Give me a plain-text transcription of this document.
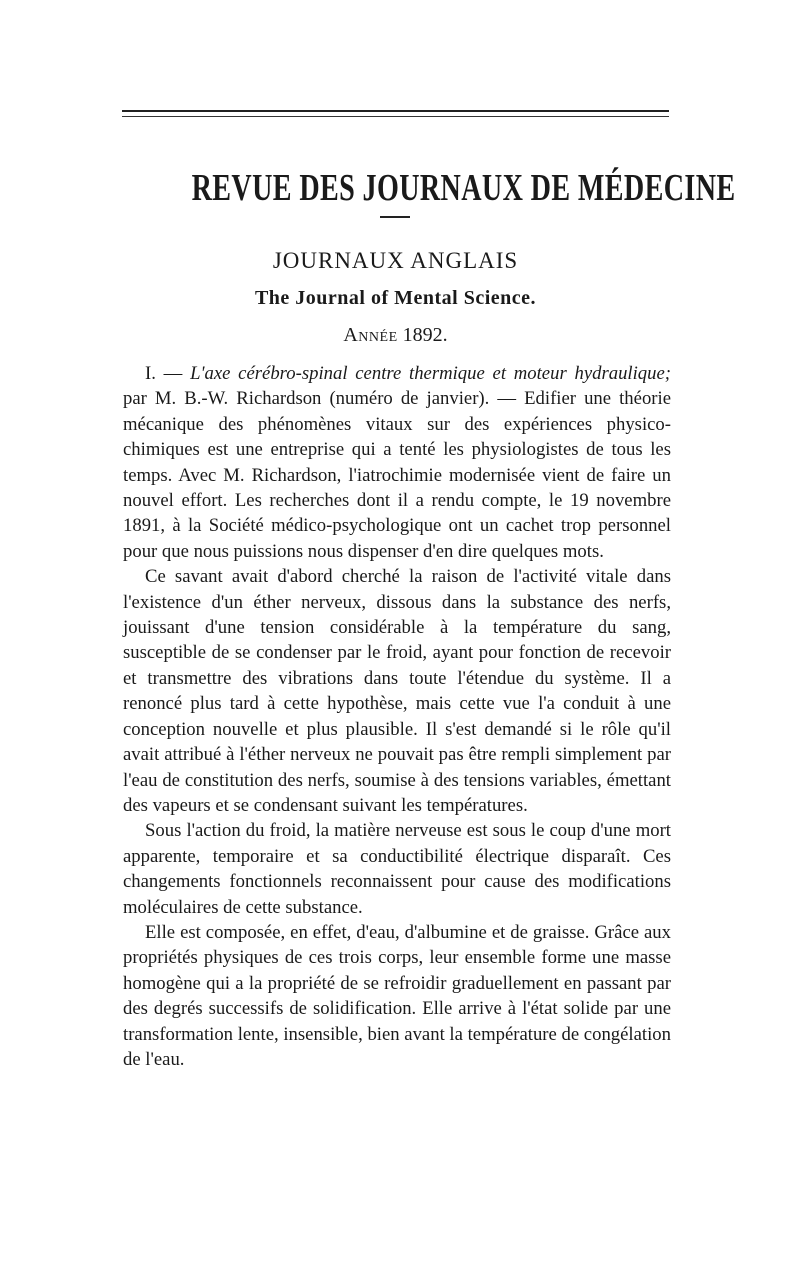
REVUE DES JOURNAUX DE MÉDECINE
JOURNAUX ANGLAIS
The Journal of Mental Science.
Année 1892.

I. — L'axe cérébro-spinal centre thermique et moteur hydraulique; par M. B.-W. Richardson (numéro de janvier). — Edifier une théorie mécanique des phénomènes vitaux sur des expériences physico-chimiques est une entreprise qui a tenté les physiologistes de tous les temps. Avec M. Richardson, l'iatrochimie modernisée vient de faire un nouvel effort. Les recherches dont il a rendu compte, le 19 novembre 1891, à la Société médico-psychologique ont un cachet trop personnel pour que nous puissions nous dispenser d'en dire quelques mots.

Ce savant avait d'abord cherché la raison de l'activité vitale dans l'existence d'un éther nerveux, dissous dans la substance des nerfs, jouissant d'une tension considérable à la température du sang, susceptible de se condenser par le froid, ayant pour fonction de recevoir et transmettre des vibrations dans toute l'étendue du système. Il a renoncé plus tard à cette hypothèse, mais cette vue l'a conduit à une conception nouvelle et plus plausible. Il s'est demandé si le rôle qu'il avait attribué à l'éther nerveux ne pouvait pas être rempli simplement par l'eau de constitution des nerfs, soumise à des tensions variables, émettant des vapeurs et se condensant suivant les températures.

Sous l'action du froid, la matière nerveuse est sous le coup d'une mort apparente, temporaire et sa conductibilité électrique disparaît. Ces changements fonctionnels reconnaissent pour cause des modifications moléculaires de cette substance.

Elle est composée, en effet, d'eau, d'albumine et de graisse. Grâce aux propriétés physiques de ces trois corps, leur ensemble forme une masse homogène qui a la propriété de se refroidir graduellement en passant par des degrés successifs de solidification. Elle arrive à l'état solide par une transformation lente, insensible, bien avant la température de congélation de l'eau.
